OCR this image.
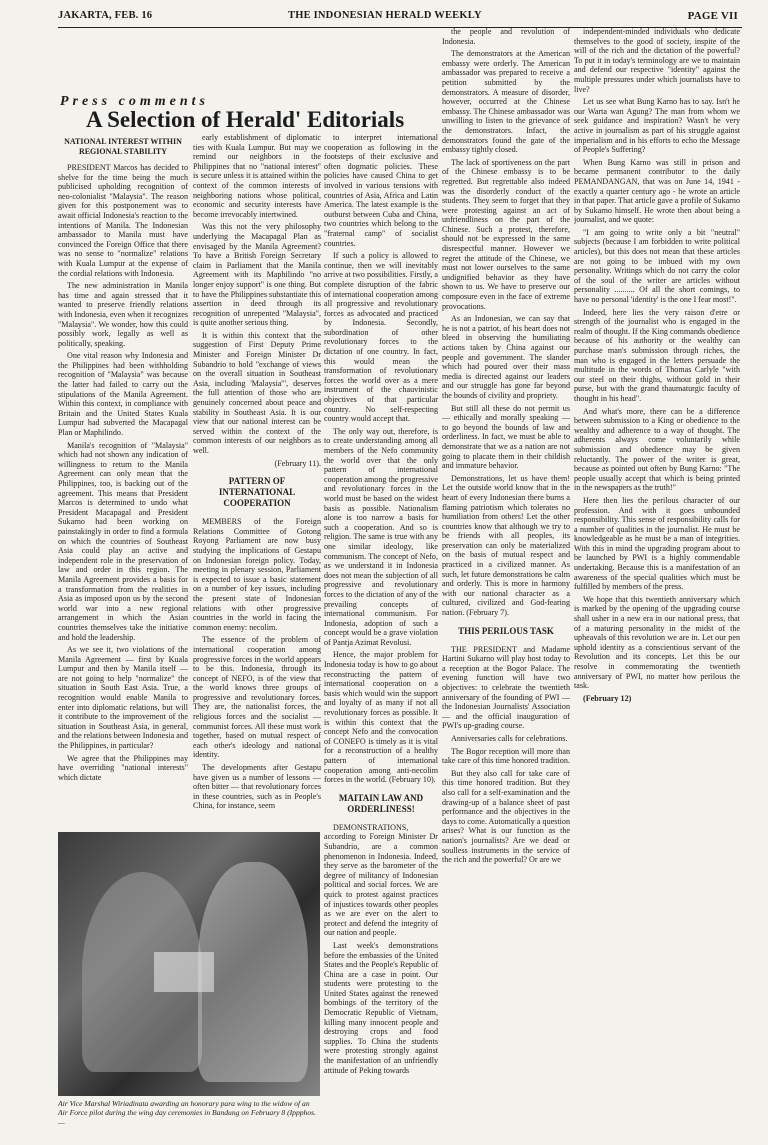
JAKARTA, FEB. 16	THE INDONESIAN HERALD WEEKLY	PAGE VII
Press comments
A Selection of Herald' Editorials
NATIONAL INTEREST WITHIN REGIONAL STABILITY

PRESIDENT Marcos has decided to shelve for the time being the much publicised upholding recognition of neo-colonialist "Malaysia". The reason given for this postponement was to await official Indonesia's reaction to the intentions of Manila. The Indonesian ambassador to Manila must have convinced the Foreign Office that there was no sense to "normalize" relations with Kuala Lumpur at the expense of the cordial relations with Indonesia.

The new administration in Manila has time and again stressed that it wanted to preserve friendly relations with Indonesia, even when it recognizes "Malaysia". We wonder, how this could possibly work, legally as well as politically, speaking.

One vital reason why Indonesia and the Philippines had been withholding recognition of "Malaysia" was because the latter had failed to carry out the stipulations of the Manila Agreement. Within this context, in compliance with Britain and the United States Kuala Lumpur had subverted the Macapagal Plan or Maphilindo.

Manila's recognition of "Malaysia" which had not shown any indication of willingness to return to the Manila Agreement can only mean that the Philippines, too, is backing out of the agreement. This means that President Marcos is determined to undo what President Macapagal and President Sukarno had been working on painstakingly in order to find a formula on which the countries of Southeast Asia could play an active and independent role in the preservation of law and order in this region. The Manila Agreement provides a basis for a transformation from the realities in Asia as imposed upon us by the second world war into a new regional arrangement in which the Asian countries themselves take the initiative and hold the leadership.

As we see it, two violations of the Manila Agreement — first by Kuala Lumpur and then by Manila itself — are not going to help "normalize" the situation in South East Asia. True, a recognition would enable Manila to enter into diplomatic relations, but will it contribute to the improvement of the situation in Southeast Asia, in general, and the relations between Indonesia and the Philippines, in particular?

We agree that the Philippines may have overriding "national interests" which dictate

early establishment of diplomatic ties with Kuala Lumpur. But may we remind our neighbors in the Philippines that no "national interest" is secure unless it is attained within the context of the common interests of neighboring nations whose political, economic and security interests have become irrevocably intertwined.

Was this not the very philosophy underlying the Macapagal Plan as envisaged by the Manila Agreement? To have a British Foreign Secretary claim in Parliament that the Manila Agreement with its Maphilindo "no longer enjoy support" is one thing. But to have the Philippines substantiate this assertion in deed through its recognition of unrepented "Malaysia", is quite another serious thing.

It is within this context that the suggestion of First Deputy Prime Minister and Foreign Minister Dr Subandrio to hold "exchange of views on the overall situation in Southeast Asia, including 'Malaysia'", deserves the full attention of those who are genuinely concerned about peace and stability in Southeast Asia. It is our view that our national interest can be served within the context of the common interests of our neighbors as well.

(February 11).

PATTERN OF INTERNATIONAL COOPERATION

MEMBERS of the Foreign Relations Committee of Gotong Royong Parliament are now busy studying the implications of Gestapu on Indonesian foreign policy. Today, meeting in plenary session, Parliament is expected to issue a basic statement on a number of key issues, including the present state of Indonesian relations with other progressive countries in the world in facing the common enemy: necolim.

The essence of the problem of international cooperation among progressive forces in the world appears to be this. Indonesia, through its concept of NEFO, is of the view that the world knows three groups of progressive and revolutionary forces. They are, the nationalist forces, the religious forces and the socialist — communist forces. All these must work together, based on mutual respect of each other's ideology and national identity.

The developments after Gestapu have given us a number of lessons — often bitter — that revolutionary forces in these countries, such as in People's China, for instance, seem

to interpret international cooperation as following in the footsteps of their exclusive and often dogmatic policies. These policies have caused China to get involved in various tensions with countries of Asia, Africa and Latin America. The latest example is the outburst between Cuba and China, two countries which belong to the "fraternal camp" of socialist countries.

If such a policy is allowed to continue, then we will inevitably arrive at two possibilities. Firstly, a complete disruption of the fabric of international cooperation among all progressive and revolutionary forces as advocated and practiced by Indonesia. Secondly, subordination of other revolutionary forces to the dictation of one country. In fact, this would mean the transformation of revolutionary forces the world over as a mere instrument of the chauvinistic objectives of that particular country. No self-respecting country would accept that.

The only way out, therefore, is to create understanding among all members of the Nefo community the world over that the only pattern of international cooperation among the progressive and revolutionary forces in the world must be based on the widest basis as possible. Nationalism alone is too narrow a basis for such a cooperation. And so is religion. The same is true with any one similar ideology, like communism. The concept of Nefo, as we understand it in Indonesia does not mean the subjection of all progressive and revolutionary forces to the dictation of any of the prevailing concepts of international communism. For Indonesia, adoption of such a concept would be a grave violation of Pantja Azimat Revolusi.

Hence, the major problem for Indonesia today is how to go about reconstructing the pattern of international cooperation on a basis which would win the support and loyalty of as many if not all revolutionary forces as possible. It is within this context that the concept Nefo and the convocation of CONEFO is timely as it is vital for a reconstruction of a healthy pattern of international cooperation among anti-necolim forces in the world. (February 10).

MAITAIN LAW AND ORDERLINESS!

DEMONSTRATIONS, according to Foreign Minister Dr Subandrio, are a common phenomenon in Indonesia. Indeed, they serve as the barometer of the degree of militancy of Indonesian political and social forces. We are quick to protest against practices of injustices towards other peoples as we are ever on the alert to protect and defend the integrity of our nation and people.

Last week's demonstrations before the embassies of the United States and the People's Republic of China are a case in point. Our students were protesting to the United States against the renewed bombings of the territory of the Democratic Republic of Vietnam, killing many innocent people and destroying crops and food supplies. To China the students were protesting strongly against the manifestation of an unfriendly attitude of Peking towards

the people and revolution of Indonesia.

The demonstrators at the American embassy were orderly. The American ambassador was prepared to receive a petition submitted by the demonstrators. A measure of disorder, however, occurred at the Chinese embassy. The Chinese ambassador was unwilling to listen to the grievance of the demonstrators. Infact, the demonstrators found the gate of the embassy tightly closed.

The lack of sportiveness on the part of the Chinese embassy is to be regretted. But regrettable also indeed was the disorderly conduct of the students. They seem to forget that they were protesting against an act of unfriendliness on the part of the Chinese. Such a protest, therefore, should not be expressed in the same disrespectful manner. However we regret the attitude of the Chinese, we must not lower ourselves to the same undignified behavior as they have shown to us. We have to preserve our composure even in the face of extreme provocations.

As an Indonesian, we can say that he is not a patriot, of his heart does not bleed in observing the humiliating actions taken by China against our people and government. The slander which had poured over their mass media is directed against our leaders and our struggle has gone far beyond the bounds of civility and propriety.

But still all these do not permit us — ethically and morally speaking — to go beyond the bounds of law and orderliness. In fact, we must be able to demonstrate that we as a nation are not going to placate them in their childish and immature behavior.

Demonstrations, let us have them! Let the outside world know that in the heart of every Indonesian there burns a flaming patriotism which tolerates no humiliation from others! Let the other countries know that although we try to be friends with all peoples, its preservation can only be materialized on the basis of mutual respect and practiced in a civilized manner. As such, let future demonstrations be calm and orderly. This is more in harmony with our national character as a cultured, civilized and God-fearing nation. (February 7).

THIS PERILOUS TASK

THE PRESIDENT and Madame Hartini Sukarno will play host today to a reception at the Bogor Palace. The evening function will have two objectives: to celebrate the twentieth anniversary of the founding of PWI — the Indonesian Journalists' Association — and the official inauguration of PWI's up-grading course.

Anniversaries calls for celebrations.

The Bogor reception will more than take care of this time honored tradition.

But they also call for take care of this time honored tradition. But they also call for a self-examination and the drawing-up of a balance sheet of past performance and the objectives in the days to come. Automatically a question arises? What is our function as the nation's journalists? Are we dead or soulless instruments in the service of the rich and the powerful? Or are we

independent-minded individuals who dedicate themselves to the good of society, inspite of the will of the rich and the dictation of the powerful? To put it in today's terminology are we to maintain and defend our respective "identity" against the multiple pressures under which journalists have to live?

Let us see what Bung Karno has to say. Isn't he our Warta wan Agung? The man from whom we seek guidance and inspiration? Wasn't he very active in journalism as part of his struggle against imperialism and in his efforts to echo the Message of People's Suffering?

When Bung Karno was still in prison and became permanent contributor to the daily PEMANDANGAN, that was on June 14, 1941 - exactly a quarter century ago - he wrote an article in that paper. That article gave a profile of Sukarno by Sukarno himself. He wrote then about being a journalist, and we quote:

"I am going to write only a bit "neutral" subjects (because I am forbidden to write political articles), but this does not mean that these articles are not going to be imbued with my own personality. Writings which do not carry the color of the soul of the writer are articles without personality .......... Of all the short comings, to have no personal 'identity' is the one I fear most!".

Indeed, here lies the very raison d'etre or strength of the journalist who is engaged in the realm of thought. If the King commands obedience because of his authority or the wealthy can purchase man's submission through riches, the man who is engaged in the letters persuade the multitude in the words of Thomas Carlyle "with our steel on their thighs, without gold in their purse, but with the grand thaumaturgic faculty of thought in his head".

And what's more, there can be a difference between submission to a King or obedience to the wealthy and adherence to a way of thought. The adherents always come voluntarily while submission and obedience may be given reluctantly. The power of the writer is great, because as pointed out often by Bung Karno: "The people usually accept that which is being printed in the newspapers as the truth!"

Here then lies the perilous character of our profession. And with it goes unbounded responsibility. This sense of responsibility calls for a number of qualities in the journalist. He must be knowledgeable as he must be a man of integrities. With this in mind the upgrading program about to be launched by PWI is a highly commendable undertaking. Because this is a manifestation of an awareness of the special qualities which must be fulfilled by members of the press.

We hope that this twentieth anniversary which is marked by the opening of the upgrading course shall usher in a new era in our national press, that of a maturing personality in the midst of the upheavals of this revolution we are in. Let our pen uphold identity as a conscientious servant of the Revolution and its concepts. Let this be our resolve in commemorating the twentieth anniversary of PWI, no matter how perilous the task.

(February 12)

Air Vice Marshal Wiriadinata awarding an honorary para wing to the widow of an Air Force pilot during the wing day ceremonies in Bandung on February 8 (Ippphos. —
